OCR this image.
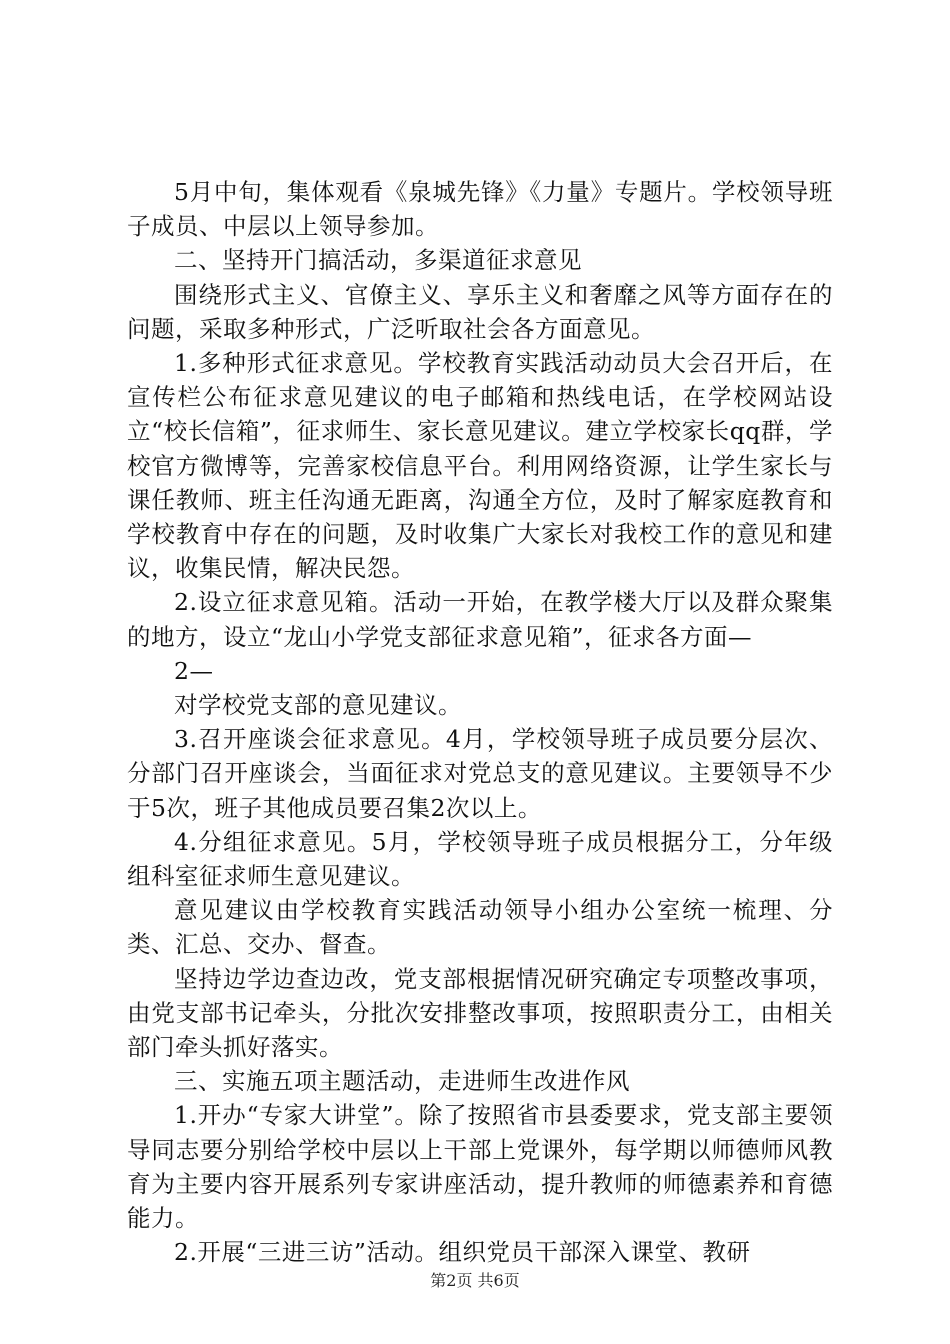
5月中旬，集体观看《泉城先锋》《力量》专题片。学校领导班子成员、中层以上领导参加。

二、坚持开门搞活动，多渠道征求意见

围绕形式主义、官僚主义、享乐主义和奢靡之风等方面存在的问题，采取多种形式，广泛听取社会各方面意见。

1.多种形式征求意见。学校教育实践活动动员大会召开后，在宣传栏公布征求意见建议的电子邮箱和热线电话，在学校网站设立“校长信箱”，征求师生、家长意见建议。建立学校家长qq群，学校官方微博等，完善家校信息平台。利用网络资源，让学生家长与课任教师、班主任沟通无距离，沟通全方位，及时了解家庭教育和学校教育中存在的问题，及时收集广大家长对我校工作的意见和建议，收集民情，解决民怨。

2.设立征求意见箱。活动一开始，在教学楼大厅以及群众聚集的地方，设立“龙山小学党支部征求意见箱”，征求各方面—

2—

对学校党支部的意见建议。

3.召开座谈会征求意见。4月，学校领导班子成员要分层次、分部门召开座谈会，当面征求对党总支的意见建议。主要领导不少于5次，班子其他成员要召集2次以上。

4.分组征求意见。5月，学校领导班子成员根据分工，分年级组科室征求师生意见建议。

意见建议由学校教育实践活动领导小组办公室统一梳理、分类、汇总、交办、督查。

坚持边学边查边改，党支部根据情况研究确定专项整改事项，由党支部书记牵头，分批次安排整改事项，按照职责分工，由相关部门牵头抓好落实。

三、实施五项主题活动，走进师生改进作风

1.开办“专家大讲堂”。除了按照省市县委要求，党支部主要领导同志要分别给学校中层以上干部上党课外，每学期以师德师风教育为主要内容开展系列专家讲座活动，提升教师的师德素养和育德能力。

2.开展“三进三访”活动。组织党员干部深入课堂、教研

第2页 共6页
